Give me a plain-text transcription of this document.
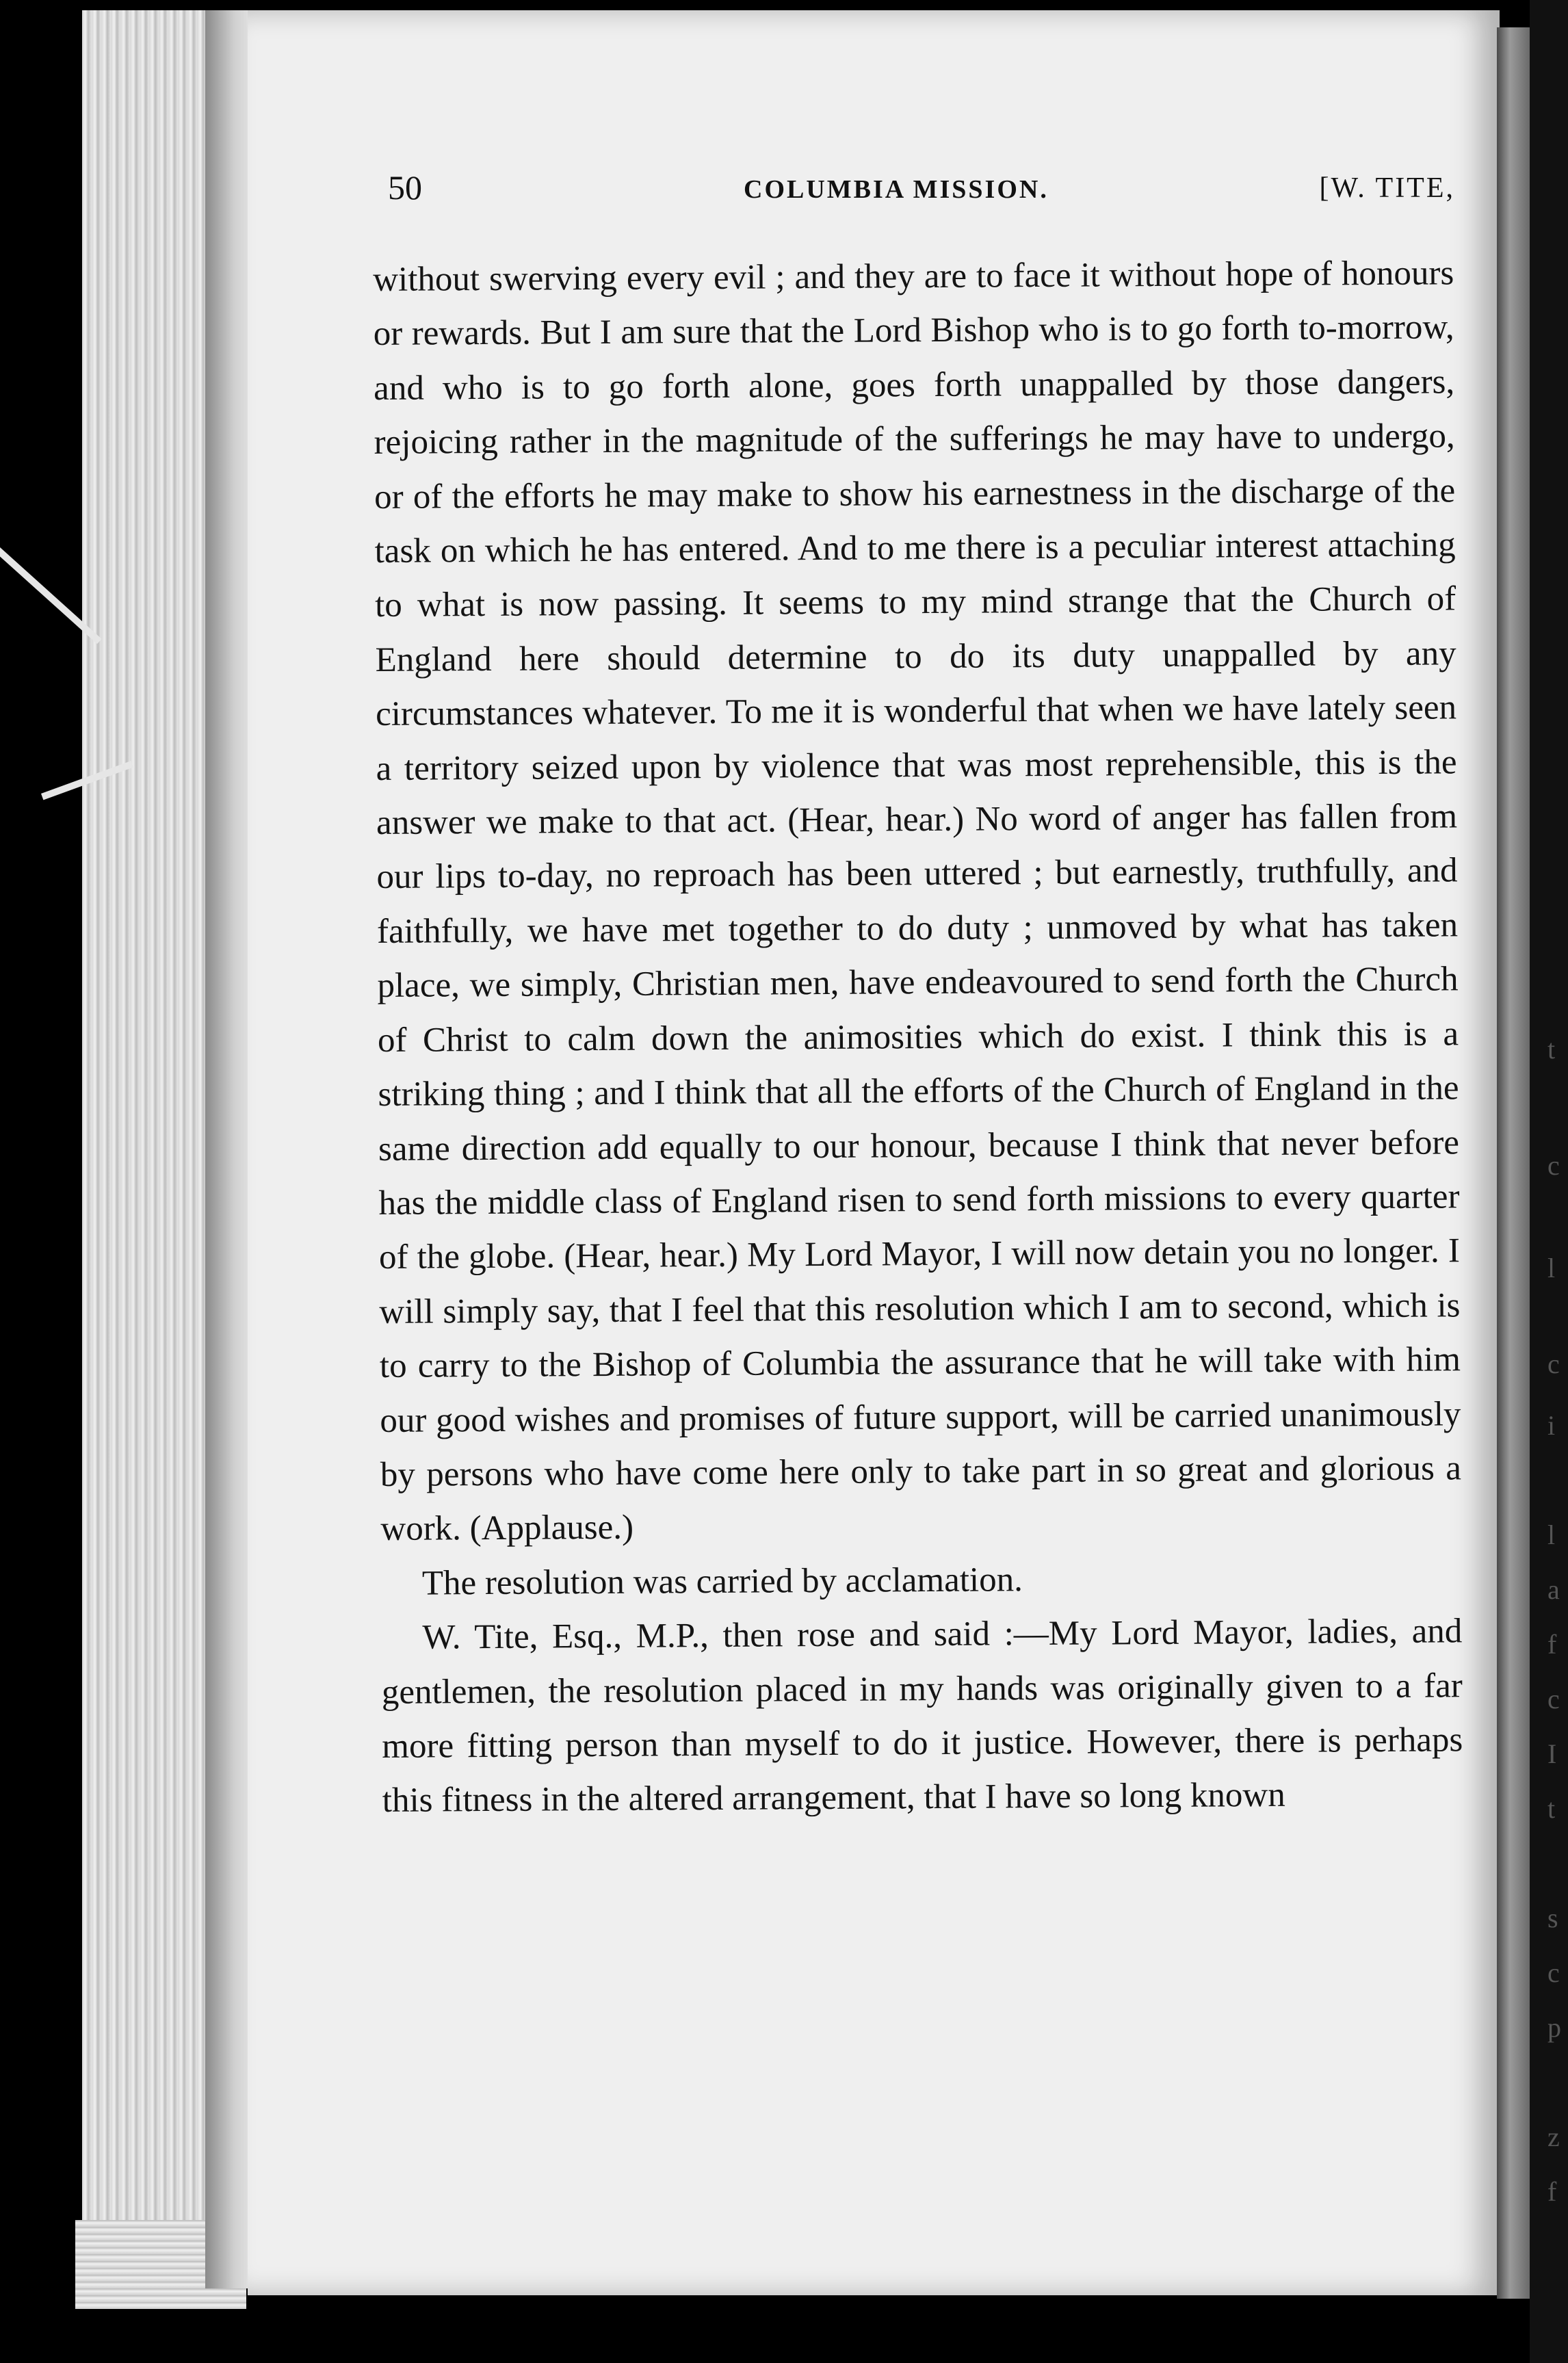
50	COLUMBIA MISSION.	[W. TITE,

without swerving every evil ; and they are to face it without hope of honours or rewards. But I am sure that the Lord Bishop who is to go forth to-morrow, and who is to go forth alone, goes forth unappalled by those dangers, rejoicing rather in the magnitude of the sufferings he may have to undergo, or of the efforts he may make to show his earnestness in the discharge of the task on which he has entered. And to me there is a peculiar interest attaching to what is now passing. It seems to my mind strange that the Church of England here should determine to do its duty unappalled by any circumstances whatever. To me it is wonderful that when we have lately seen a territory seized upon by violence that was most reprehensible, this is the answer we make to that act. (Hear, hear.) No word of anger has fallen from our lips to-day, no reproach has been uttered ; but earnestly, truthfully, and faithfully, we have met together to do duty ; unmoved by what has taken place, we simply, Christian men, have endeavoured to send forth the Church of Christ to calm down the animosities which do exist. I think this is a striking thing ; and I think that all the efforts of the Church of England in the same direction add equally to our honour, because I think that never before has the middle class of England risen to send forth missions to every quarter of the globe. (Hear, hear.) My Lord Mayor, I will now detain you no longer. I will simply say, that I feel that this resolution which I am to second, which is to carry to the Bishop of Columbia the assurance that he will take with him our good wishes and promises of future support, will be carried unanimously by persons who have come here only to take part in so great and glorious a work. (Applause.)

The resolution was carried by acclamation.

W. Tite, Esq., M.P., then rose and said :—My Lord Mayor, ladies, and gentlemen, the resolution placed in my hands was originally given to a far more fitting person than myself to do it justice. However, there is perhaps this fitness in the altered arrangement, that I have so long known

t
c
l
c
i
l
a
f
c
I
t
s
c
p
z
f
